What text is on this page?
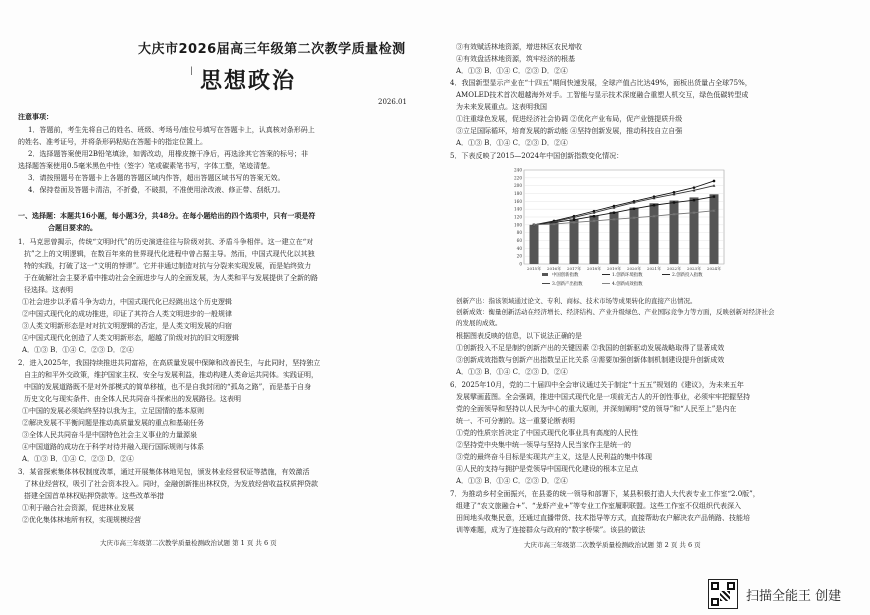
大庆市2026届高三年级第二次教学质量检测
| 思想政治
2026.01
注意事项：
1．答题前，考生先将自己的姓名、班级、考场号/座位号填写在答题卡上，认真核对条形码上
的姓名、准考证号，并将条形码粘贴在答题卡的指定位置上。
2．选择题答案使用2B铅笔填涂，如需改动，用橡皮擦干净后，再选涂其它答案的标号；非
选择题答案使用0.5毫米黑色中性（签字）笔或碳素笔书写，字体工整，笔迹清楚。
3．请按照题号在答题卡上各题的答题区域内作答，超出答题区域书写的答案无效。
4．保持卷面及答题卡清洁，不折叠，不破损，不准使用涂改液、修正带、刮纸刀。
一、选择题：本题共16小题，每小题3分，共48分。在每小题给出的四个选项中，只有一项是符
合题目要求的。
1．马克思曾揭示，传统“文明时代”的历史演进往往与阶级对抗、矛盾斗争相伴。这一建立在“对
抗”之上的文明逻辑，在数百年来的世界现代化进程中曾占据主导。然而，中国式现代化以其独
特的实践，打破了这一“文明的悖谬”。它并非通过制造对抗与分裂来实现发展，而是始终致力
于在破解社会主要矛盾中推动社会全面进步与人的全面发展，为人类和平与发展提供了全新的路
径选择。这表明
①社会进步以矛盾斗争为动力，中国式现代化已经跳出这个历史逻辑
②中国式现代化的成功推进，印证了其符合人类文明进步的一般规律
③人类文明新形态是对对抗文明逻辑的否定，是人类文明发展的归宿
④中国式现代化创造了人类文明新形态，超越了阶级对抗的旧文明逻辑
A．①③ B．①④ C．②③ D．②④
2．进入2025年，我国持续推进共同富裕，在高质量发展中保障和改善民生，与此同时，坚持独立
自主的和平外交政策，维护国家主权、安全与发展利益，推动构建人类命运共同体。实践证明，
中国的发展道路既不是对外部模式的简单移植，也不是自我封闭的“孤岛之路”，而是基于自身
历史文化与现实条件、由全体人民共同奋斗探索出的发展路径。这表明
①中国的发展必须始终坚持以我为主，立足国情的基本原则
②解决发展不平衡问题是推动高质量发展的重点和基础任务
③全体人民共同奋斗是中国特色社会主义事业的力量源泉
④中国道路的成功在于科学对待并融入现行国际规则与体系
A．①③ B．①④ C．②③ D．②④
3．某省探索集体林权制度改革，通过开展集体林地见包，颁发林业经营权证等措施，有效激活
了林业经营权，吸引了社会资本投入。同时，金融创新推出林权贷，为发放经营收益权质押贷款
搭建全国首单林权贴押贷款等。这些改革举措
①利于融合社会资源，促进林业发展
②优化集体林地所有权，实现规模经营
大庆市高三年级第二次教学质量检测政治试题 第 1 页 共 6 页
③有效赋活林地资源，增进林区农民增收
④有效盘活林地资源，筑牢经济的根基
A．①③ B．①④ C．②③ D．②④
4．我国新型显示产业在“十四五”期间快速发展，全球产值占比达49%，面板出货量占全球75%，
AMOLED技术首次超越海外对手。工智能与显示技术深度融合重塑人机交互，绿色低碳转型成
为未来发展重点。这表明我国
①注重绿色发展，促进经济社会协调 ②优化产业布局，促产业链提质升级
③立足国际循环，培育发展的新动能 ④坚持创新发展，推动科技自立自强
A．①③ B．①④ C．②③ D．②④
5．下表反映了2015—2024年中国创新指数变化情况：
创新产出：指该领域通过论文、专利、商标、技术市场等成果转化的直接产出情况。
创新成效：衡量创新活动在经济增长、经济结构、产业升级绿色、产业国际竞争力等方面，反映创新对经济社会
的发展的成效。
根据图表反映的信息，以下说法正确的是
①创新投入不足是制约创新产出的关键因素 ②我国的创新驱动发展战略取得了显著成效
③创新成效指数与创新产出指数呈正比关系 ④需要加强创新体制机制建设提升创新成效
A．①③ B．①④ C．②③ D．②④
6．2025年10月，党的二十届四中全会审议通过关于制定“十五五”规划的《建议》，为未来五年
发展擘画蓝图。全会强调，推进中国式现代化是一项前无古人的开创性事业，必须牢牢把握坚持
党的全面领导和坚持以人民为中心的重大原则，并深刻阐明“党的领导”和“人民至上”是内在
统一、不可分割的。这一重要论断表明
①党的性质宗旨决定了中国式现代化事业具有高度的人民性
②坚持党中央集中统一领导与坚持人民当家作主是统一的
③党的最终奋斗目标是实现共产主义，这是人民利益的集中体现
④人民的支持与拥护是党领导中国现代化建设的根本立足点
A．①③ B．①④ C．②③ D．②④
7．为推动乡村全面振兴，在县委的统一领导和部署下，某县积极打造人大代表专业工作室“2.0版”，
组建了“农文旅融合+”、“龙虾产业+”等专业工作室履职联盟。这些工作室不仅组织代表深入
田间地头收集民意，还通过直播带货、技术指导等方式，直接帮助农户解决农产品销路、技能培
训等难题，成为了连接群众与政府的“数字桥梁”。该县的做法
大庆市高三年级第二次教学质量检测政治试题 第 2 页 共 6 页
0
20
40
60
80
100
120
140
160
180
200
220
240
2015年 2016年 2017年 2018年 2019年 2020年 2021年 2022年 2023年 2024年
中国创新指数	1.创新环境指数	2.创新投入指数
3.创新产出指数	4.创新成效指数
扫描全能王 创建
